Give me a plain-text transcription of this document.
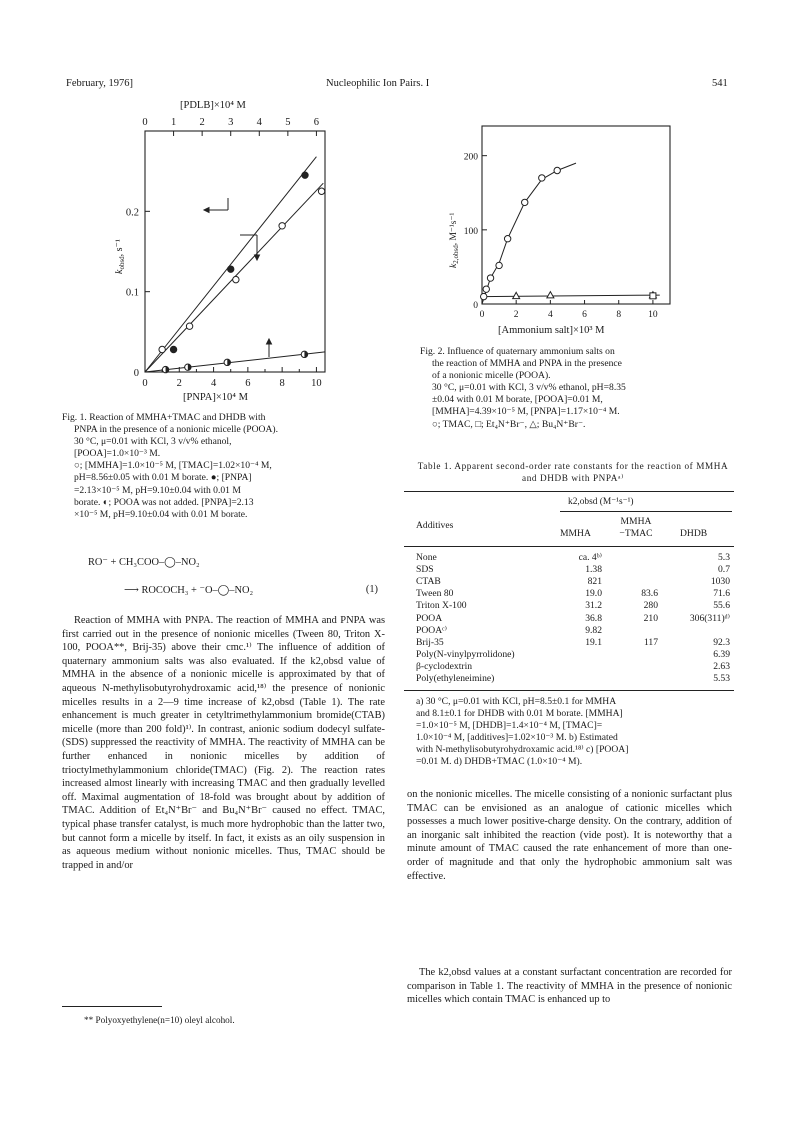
February, 1976]	Nucleophilic Ion Pairs. I	541
[PDLB]×10⁴ M
0 1 2 3 4 5 6
0
0.1
0.2
0	2	4	6	8	10
$k_{obsd}$, s⁻¹
[PNPA]×10⁴ M
Fig. 1. Reaction of MMHA+TMAC and DHDB with
PNPA in the presence of a nonionic micelle (POOA).
30 °C, μ=0.01 with KCl, 3 v/v% ethanol,
[POOA]=1.0×10⁻³ M.
○; [MMHA]=1.0×10⁻⁵ M, [TMAC]=1.02×10⁻⁴ M,
pH=8.56±0.05 with 0.01 M borate. ●; [PNPA]
=2.13×10⁻⁵ M, pH=9.10±0.04 with 0.01 M
borate. ◐; POOA was not added. [PNPA]=2.13
×10⁻⁵ M, pH=9.10±0.04 with 0.01 M borate.
RO⁻ + CH₃COO–◯–NO₂
⟶ ROCOCH₃ + ⁻O–◯–NO₂	(1)

Reaction of MMHA with PNPA. The reaction of MMHA and PNPA was first carried out in the presence of nonionic micelles (Tween 80, Triton X-100, POOA**, Brij-35) above their cmc.¹⁾ The influence of addition of quaternary ammonium salts was also evaluated. If the k2,obsd value of MMHA in the absence of a nonionic micelle is approximated by that of aqueous N-methylisobutyrohydroxamic acid,¹⁸⁾ the presence of nonionic micelles results in a 2—9 time increase of k2,obsd (Table 1). The rate enhancement is much greater in cetyltrimethylammonium bromide(CTAB) micelle (more than 200 fold)¹⁾. In contrast, anionic sodium dodecyl sulfate-(SDS) suppressed the reactivity of MMHA. The reactivity of MMHA can be further enhanced in nonionic micelles by addition of trioctylmethylammonium chloride(TMAC) (Fig. 2). The reaction rates increased almost linearly with increasing TMAC and then gradually levelled off. Maximal augmentation of 18-fold was brought about by addition of TMAC. Addition of Et₄N⁺Br⁻ and Bu₄N⁺Br⁻ caused no effect. TMAC, typical phase transfer catalyst, is much more hydrophobic than the latter two, but cannot form a micelle by itself. In fact, it exists as an oily suspension in as aqueous medium without nonionic micelles. Thus, TMAC should be trapped in and/or

** Polyoxyethylene(n=10) oleyl alcohol.
0
100
200
0	2	4	6	8	10
$k_{2,obsd}$, M⁻¹s⁻¹
[Ammonium salt]×10³ M
Fig. 2. Influence of quaternary ammonium salts on
the reaction of MMHA and PNPA in the presence
of a nonionic micelle (POOA).
30 °C, μ=0.01 with KCl, 3 v/v% ethanol, pH=8.35
±0.04 with 0.01 M borate, [POOA]=0.01 M,
[MMHA]=4.39×10⁻⁵ M, [PNPA]=1.17×10⁻⁴ M.
○; TMAC, □; Et₄N⁺Br⁻, △; Bu₄N⁺Br⁻.
Table 1. Apparent second-order rate constants for the reaction of MMHA and DHDB with PNPAᵃ⁾
Additives
k2,obsd (M⁻¹s⁻¹)
MMHA
MMHA −TMAC	DHDB
None	ca. 4ᵇ⁾		5.3
SDS	1.38		0.7
CTAB	821		1030
Tween 80	19.0	83.6	71.6
Triton X-100	31.2	280	55.6
POOA	36.8	210	306(311)ᵈ⁾
POOAᶜ⁾	9.82		
Brij-35	19.1	117	92.3
Poly(N-vinylpyrrolidone)			6.39
β-cyclodextrin			2.63
Poly(ethyleneimine)			5.53
a) 30 °C, μ=0.01 with KCl, pH=8.5±0.1 for MMHA
and 8.1±0.1 for DHDB with 0.01 M borate. [MMHA]
=1.0×10⁻⁵ M, [DHDB]=1.4×10⁻⁴ M, [TMAC]=
1.0×10⁻⁴ M, [additives]=1.02×10⁻³ M. b) Estimated
with N-methylisobutyrohydroxamic acid.¹⁸⁾ c) [POOA]
=0.01 M. d) DHDB+TMAC (1.0×10⁻⁴ M).

on the nonionic micelles. The micelle consisting of a nonionic surfactant plus TMAC can be envisioned as an analogue of cationic micelles which possesses a much lower positive-charge density. On the contrary, addition of an inorganic salt inhibited the reaction (vide post). It is noteworthy that a minute amount of TMAC caused the rate enhancement of more than one-order of magnitude and that only the hydrophobic ammonium salt was effective.

The k2,obsd values at a constant surfactant concentration are recorded for comparison in Table 1. The reactivity of MMHA in the presence of nonionic micelles which contain TMAC is enhanced up to
